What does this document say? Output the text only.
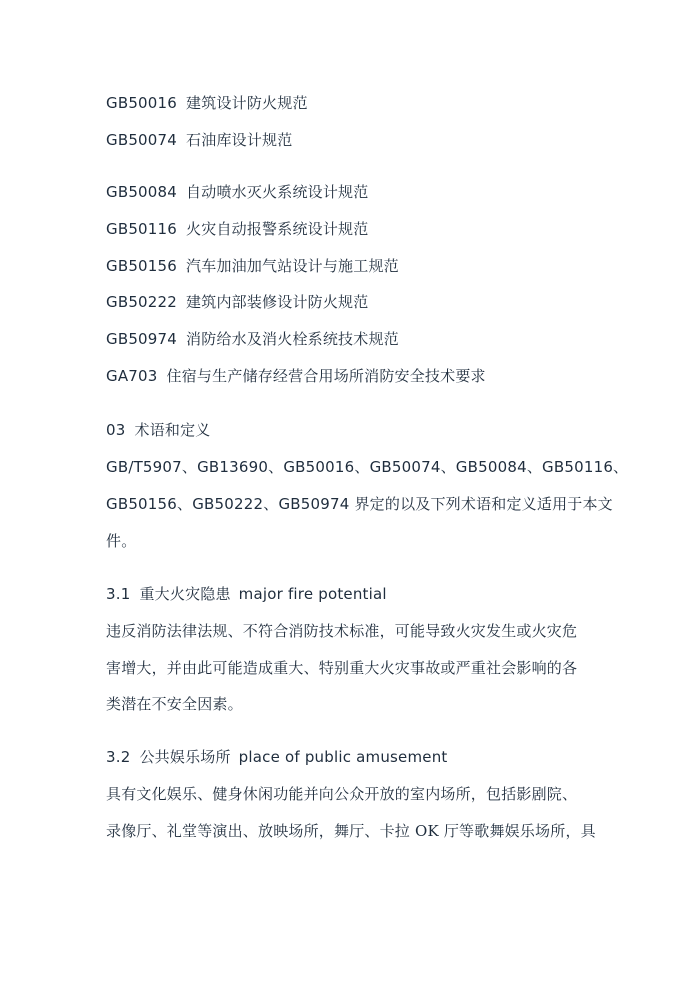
GB50016 建筑设计防火规范
GB50074 石油库设计规范
GB50084 自动喷水灭火系统设计规范
GB50116 火灾自动报警系统设计规范
GB50156 汽车加油加气站设计与施工规范
GB50222 建筑内部装修设计防火规范
GB50974 消防给水及消火栓系统技术规范
GA703 住宿与生产储存经营合用场所消防安全技术要求
03 术语和定义
GB/T5907、GB13690、GB50016、GB50074、GB50084、GB50116、
GB50156、GB50222、GB50974 界定的以及下列术语和定义适用于本文
件。
3.1 重大火灾隐患 major fire potential
违反消防法律法规、不符合消防技术标准，可能导致火灾发生或火灾危
害增大，并由此可能造成重大、特别重大火灾事故或严重社会影响的各
类潜在不安全因素。
3.2 公共娱乐场所 place of public amusement
具有文化娱乐、健身休闲功能并向公众开放的室内场所，包括影剧院、
录像厅、礼堂等演出、放映场所，舞厅、卡拉 OK 厅等歌舞娱乐场所，具
